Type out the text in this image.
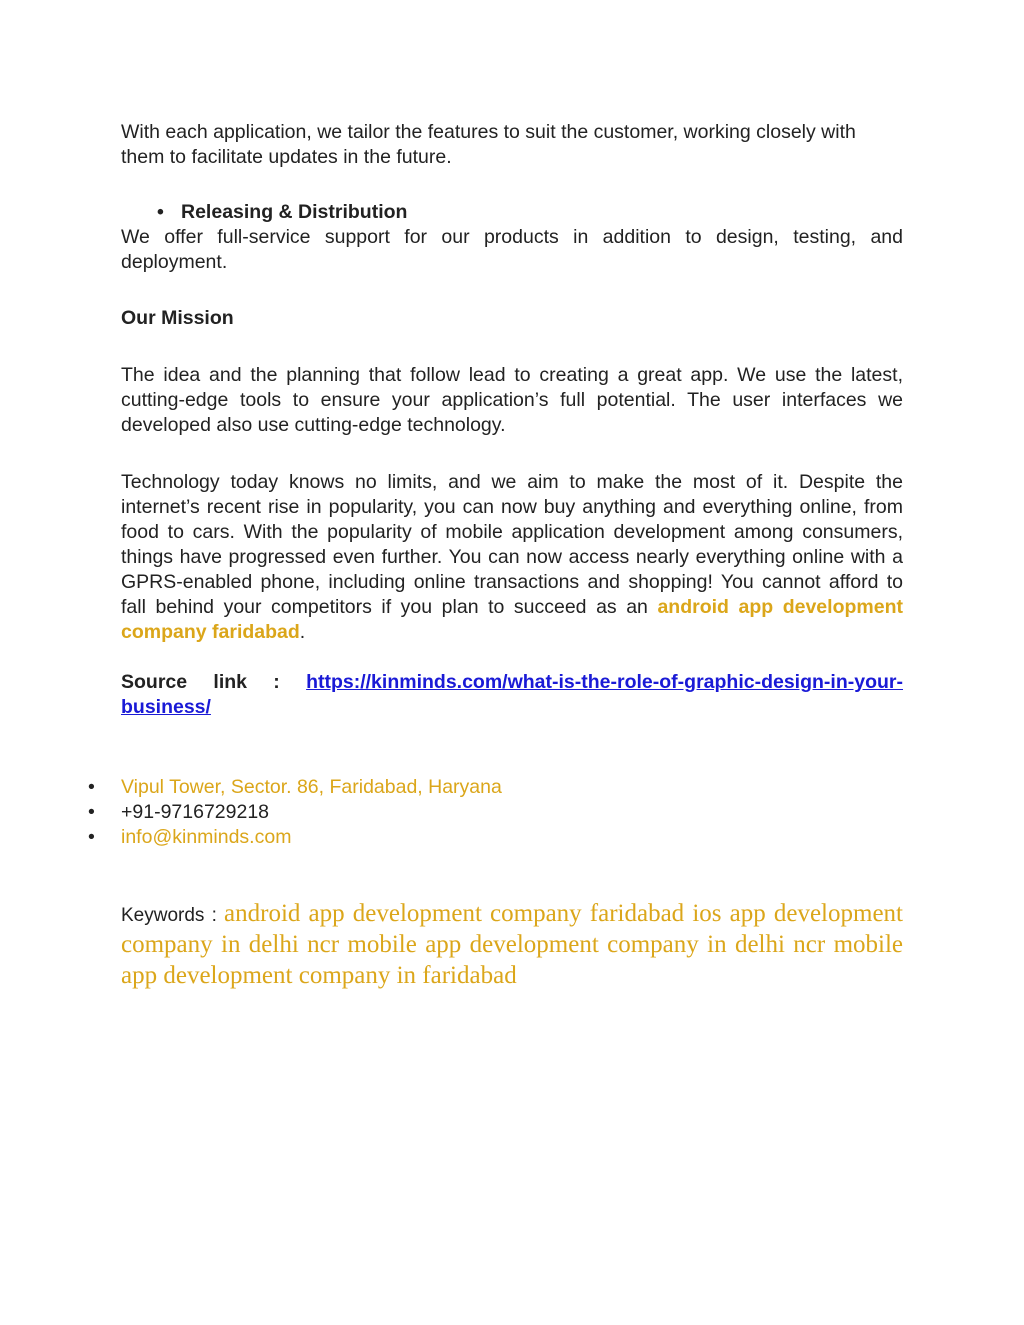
With each application, we tailor the features to suit the customer, working closely with them to facilitate updates in the future.

• Releasing & Distribution

We offer full-service support for our products in addition to design, testing, and deployment.

Our Mission

The idea and the planning that follow lead to creating a great app. We use the latest, cutting-edge tools to ensure your application’s full potential. The user interfaces we developed also use cutting-edge technology.

Technology today knows no limits, and we aim to make the most of it. Despite the internet’s recent rise in popularity, you can now buy anything and everything online, from food to cars. With the popularity of mobile application development among consumers, things have progressed even further. You can now access nearly everything online with a GPRS-enabled phone, including online transactions and shopping! You cannot afford to fall behind your competitors if you plan to succeed as an android app development company faridabad.

Source link : https://kinminds.com/what-is-the-role-of-graphic-design-in-your-business/

• Vipul Tower, Sector. 86, Faridabad, Haryana
• +91-9716729218
• info@kinminds.com
Keywords : android app development company faridabad ios app development company in delhi ncr mobile app development company in delhi ncr mobile app development company in faridabad
